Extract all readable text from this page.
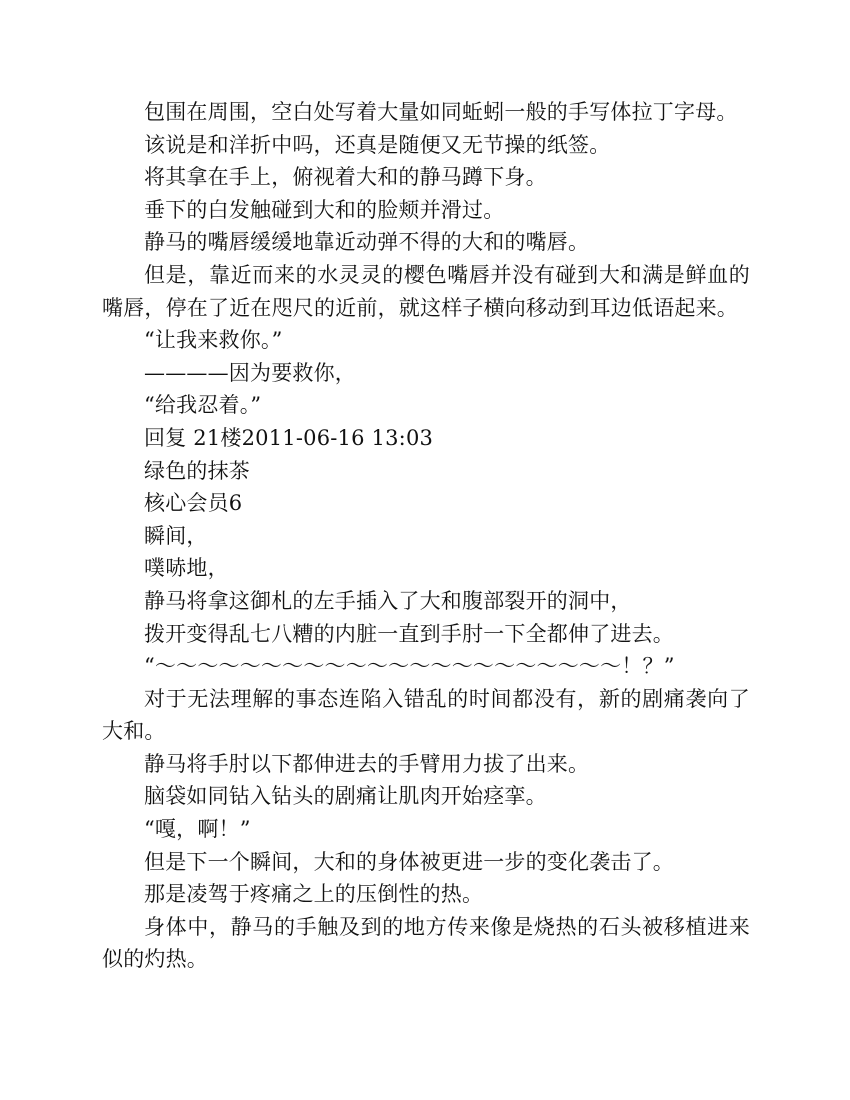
包围在周围，空白处写着大量如同蚯蚓一般的手写体拉丁字母。

该说是和洋折中吗，还真是随便又无节操的纸签。

将其拿在手上，俯视着大和的静马蹲下身。

垂下的白发触碰到大和的脸颊并滑过。

静马的嘴唇缓缓地靠近动弹不得的大和的嘴唇。

但是，靠近而来的水灵灵的樱色嘴唇并没有碰到大和满是鲜血的嘴唇，停在了近在咫尺的近前，就这样子横向移动到耳边低语起来。

“让我来救你。”

————因为要救你，

“给我忍着。”

回复 21楼2011-06-16 13:03

绿色的抹茶

核心会员6

瞬间，

噗哧地，

静马将拿这御札的左手插入了大和腹部裂开的洞中，

拨开变得乱七八糟的内脏一直到手肘一下全都伸了进去。

“～～～～～～～～～～～～～～～～～～～～～～！？”

对于无法理解的事态连陷入错乱的时间都没有，新的剧痛袭向了大和。

静马将手肘以下都伸进去的手臂用力拔了出来。

脑袋如同钻入钻头的剧痛让肌肉开始痉挛。

“嘎，啊！”

但是下一个瞬间，大和的身体被更进一步的变化袭击了。

那是凌驾于疼痛之上的压倒性的热。

身体中，静马的手触及到的地方传来像是烧热的石头被移植进来似的灼热。
